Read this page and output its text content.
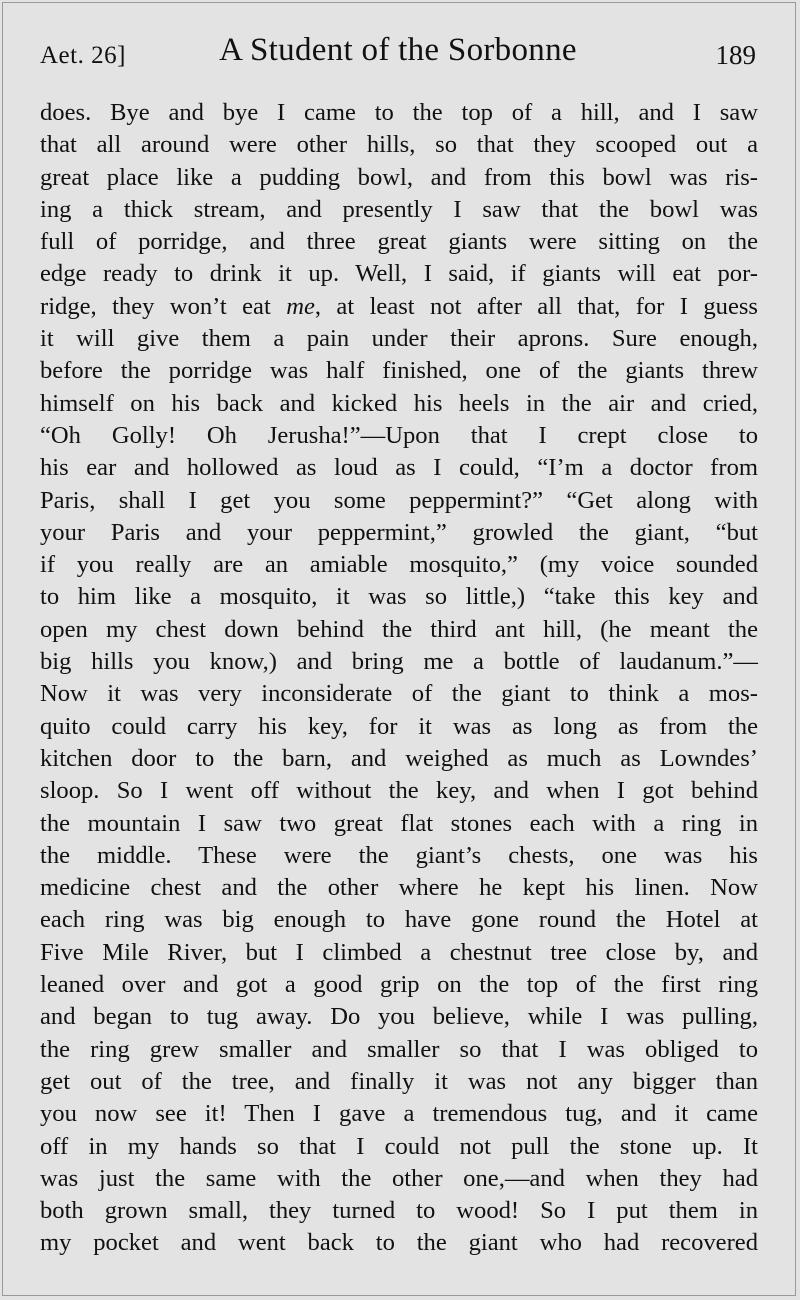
Aet. 26]	A Student of the Sorbonne	189
does. Bye and bye I came to the top of a hill, and I saw
that all around were other hills, so that they scooped out a
great place like a pudding bowl, and from this bowl was ris-
ing a thick stream, and presently I saw that the bowl was
full of porridge, and three great giants were sitting on the
edge ready to drink it up. Well, I said, if giants will eat por-
ridge, they won’t eat me, at least not after all that, for I guess
it will give them a pain under their aprons. Sure enough,
before the porridge was half finished, one of the giants threw
himself on his back and kicked his heels in the air and cried,
“Oh Golly! Oh Jerusha!”—Upon that I crept close to
his ear and hollowed as loud as I could, “I’m a doctor from
Paris, shall I get you some peppermint?” “Get along with
your Paris and your peppermint,” growled the giant, “but
if you really are an amiable mosquito,” (my voice sounded
to him like a mosquito, it was so little,) “take this key and
open my chest down behind the third ant hill, (he meant the
big hills you know,) and bring me a bottle of laudanum.”—
Now it was very inconsiderate of the giant to think a mos-
quito could carry his key, for it was as long as from the
kitchen door to the barn, and weighed as much as Lowndes’
sloop. So I went off without the key, and when I got behind
the mountain I saw two great flat stones each with a ring in
the middle. These were the giant’s chests, one was his
medicine chest and the other where he kept his linen. Now
each ring was big enough to have gone round the Hotel at
Five Mile River, but I climbed a chestnut tree close by, and
leaned over and got a good grip on the top of the first ring
and began to tug away. Do you believe, while I was pulling,
the ring grew smaller and smaller so that I was obliged to
get out of the tree, and finally it was not any bigger than
you now see it! Then I gave a tremendous tug, and it came
off in my hands so that I could not pull the stone up. It
was just the same with the other one,—and when they had
both grown small, they turned to wood! So I put them in
my pocket and went back to the giant who had recovered
